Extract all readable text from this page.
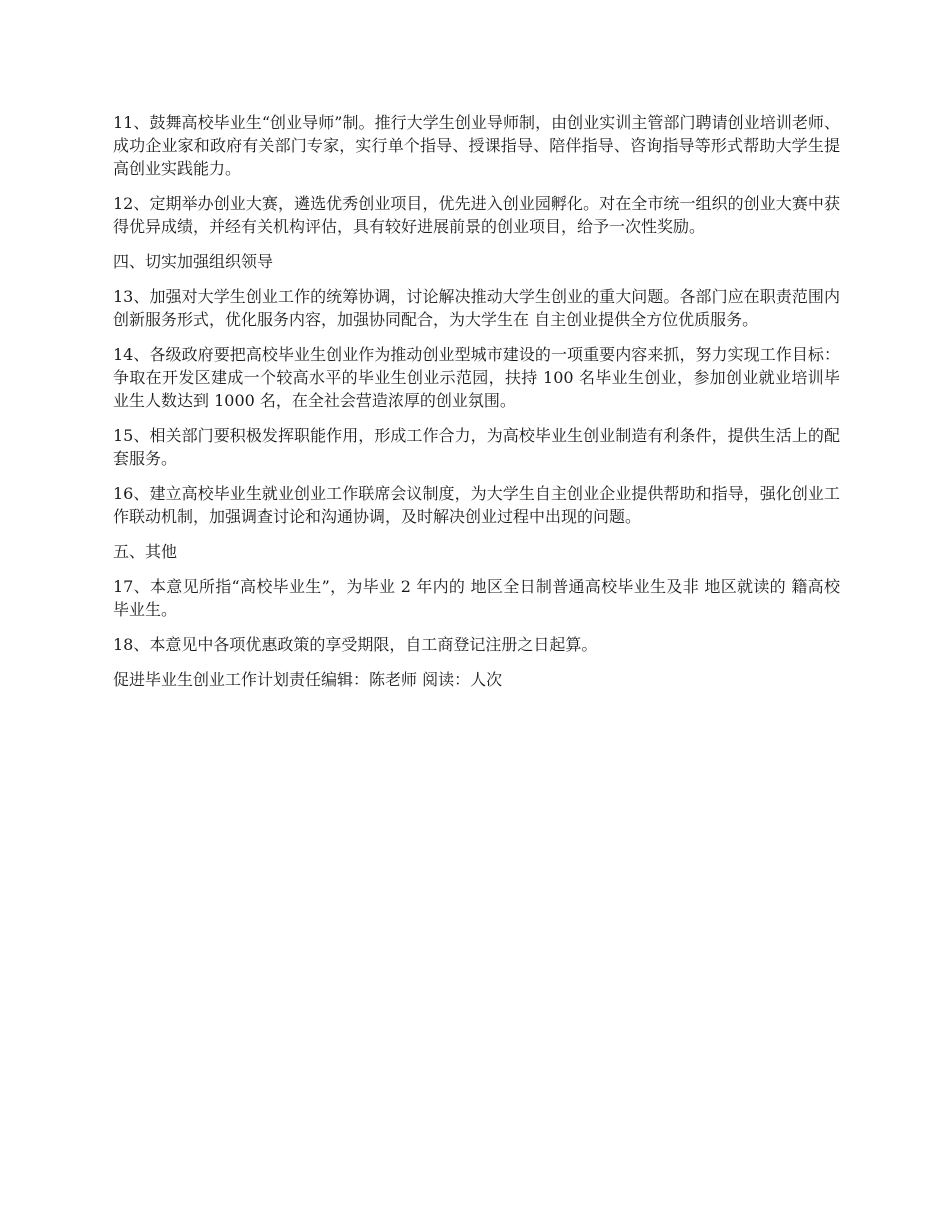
11、鼓舞高校毕业生“创业导师”制。推行大学生创业导师制，由创业实训主管部门聘请创业培训老师、成功企业家和政府有关部门专家，实行单个指导、授课指导、陪伴指导、咨询指导等形式帮助大学生提高创业实践能力。

12、定期举办创业大赛，遴选优秀创业项目，优先进入创业园孵化。对在全市统一组织的创业大赛中获得优异成绩，并经有关机构评估，具有较好进展前景的创业项目，给予一次性奖励。

四、切实加强组织领导

13、加强对大学生创业工作的统筹协调，讨论解决推动大学生创业的重大问题。各部门应在职责范围内创新服务形式，优化服务内容，加强协同配合，为大学生在 自主创业提供全方位优质服务。

14、各级政府要把高校毕业生创业作为推动创业型城市建设的一项重要内容来抓，努力实现工作目标：争取在开发区建成一个较高水平的毕业生创业示范园，扶持 100 名毕业生创业，参加创业就业培训毕业生人数达到 1000 名，在全社会营造浓厚的创业氛围。

15、相关部门要积极发挥职能作用，形成工作合力，为高校毕业生创业制造有利条件，提供生活上的配套服务。

16、建立高校毕业生就业创业工作联席会议制度，为大学生自主创业企业提供帮助和指导，强化创业工作联动机制，加强调查讨论和沟通协调，及时解决创业过程中出现的问题。

五、其他

17、本意见所指“高校毕业生”，为毕业 2 年内的 地区全日制普通高校毕业生及非 地区就读的 籍高校毕业生。

18、本意见中各项优惠政策的享受期限，自工商登记注册之日起算。

促进毕业生创业工作计划责任编辑：陈老师 阅读：人次
